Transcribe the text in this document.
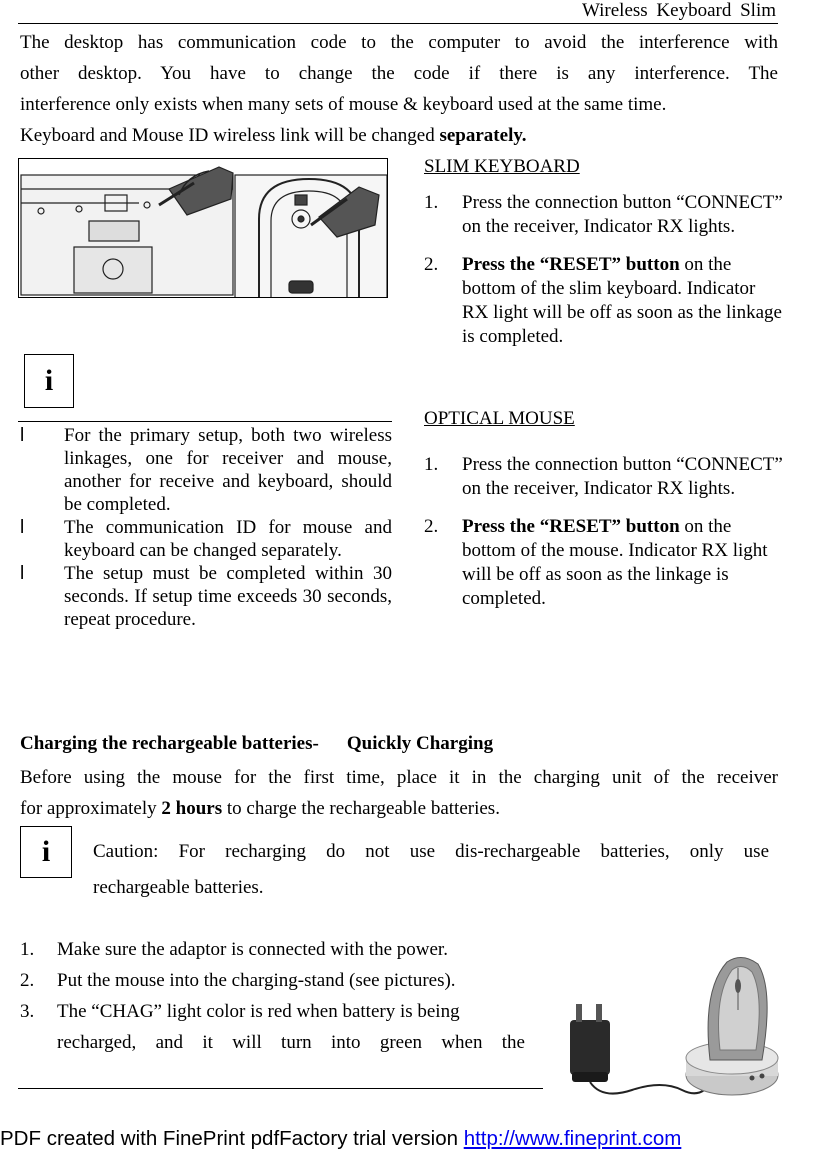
Wireless Keyboard Slim
The desktop has communication code to the computer to avoid the interference with
other desktop. You have to change the code if there is any interference. The
interference only exists when many sets of mouse & keyboard used at the same time.
Keyboard and Mouse ID wireless link will be changed separately.
i
l For the primary setup, both two wireless linkages, one for receiver and mouse, another for receive and keyboard, should be completed.
l The communication ID for mouse and keyboard can be changed separately.
l The setup must be completed within 30 seconds. If setup time exceeds 30 seconds, repeat procedure.
SLIM KEYBOARD
1. Press the connection button “CONNECT” on the receiver, Indicator RX lights.
2. Press the “RESET” button on the bottom of the slim keyboard. Indicator RX light will be off as soon as the linkage is completed.
OPTICAL MOUSE
1. Press the connection button “CONNECT” on the receiver, Indicator RX lights.
2. Press the “RESET” button on the bottom of the mouse. Indicator RX light will be off as soon as the linkage is completed.
Charging the rechargeable batteries- Quickly Charging
Before using the mouse for the first time, place it in the charging unit of the receiver
for approximately 2 hours to charge the rechargeable batteries.
i	Caution: For recharging do not use dis-rechargeable batteries, only use
rechargeable batteries.
1. Make sure the adaptor is connected with the power.
2. Put the mouse into the charging-stand (see pictures).
3. The “CHAG” light color is red when battery is being
recharged, and it will turn into green when the
PDF created with FinePrint pdfFactory trial version http://www.fineprint.com
